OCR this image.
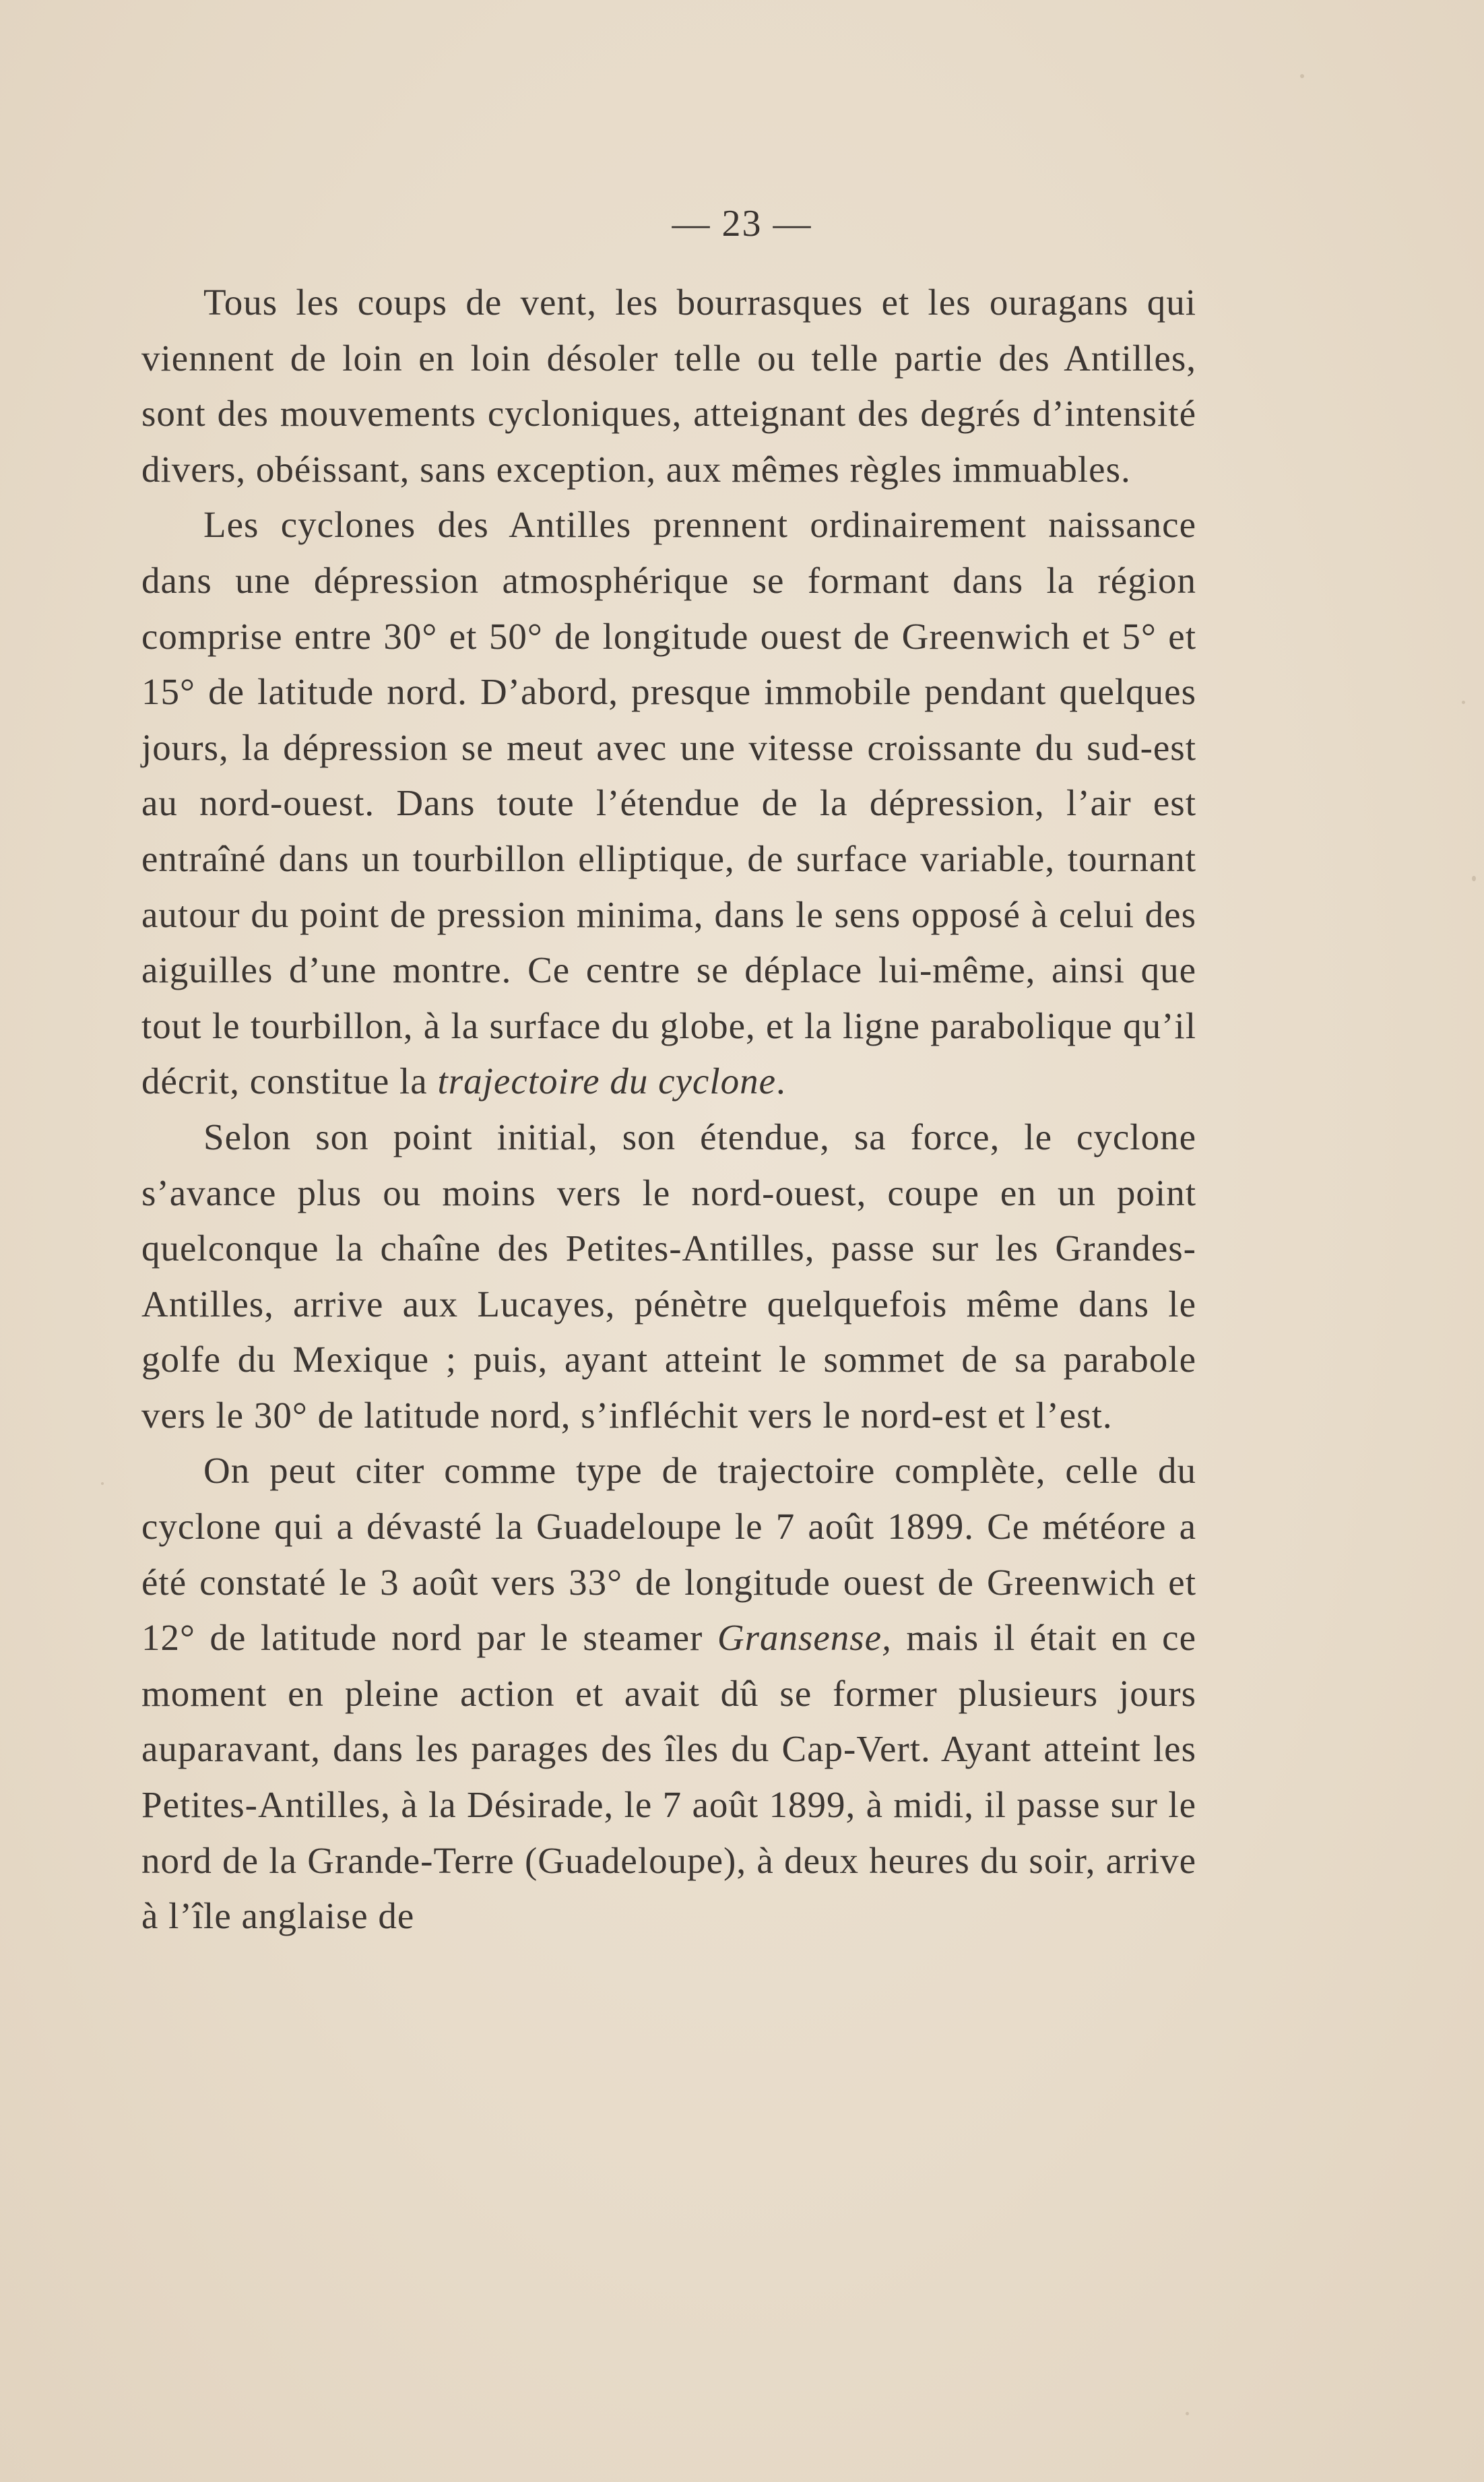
— 23 —

Tous les coups de vent, les bourrasques et les ouragans qui viennent de loin en loin désoler telle ou telle partie des Antilles, sont des mouvements cycloniques, atteignant des degrés d’intensité divers, obéissant, sans exception, aux mêmes règles immuables.

Les cyclones des Antilles prennent ordinairement naissance dans une dépression atmosphérique se formant dans la région comprise entre 30° et 50° de longitude ouest de Greenwich et 5° et 15° de latitude nord. D’abord, presque immobile pendant quelques jours, la dépression se meut avec une vitesse croissante du sud-est au nord-ouest. Dans toute l’étendue de la dépression, l’air est entraîné dans un tourbillon elliptique, de surface variable, tournant autour du point de pression minima, dans le sens opposé à celui des aiguilles d’une montre. Ce centre se déplace lui-même, ainsi que tout le tourbillon, à la surface du globe, et la ligne parabolique qu’il décrit, constitue la trajectoire du cyclone.

Selon son point initial, son étendue, sa force, le cyclone s’avance plus ou moins vers le nord-ouest, coupe en un point quelconque la chaîne des Petites-Antilles, passe sur les Grandes-Antilles, arrive aux Lucayes, pénètre quelquefois même dans le golfe du Mexique ; puis, ayant atteint le sommet de sa parabole vers le 30° de latitude nord, s’infléchit vers le nord-est et l’est.

On peut citer comme type de trajectoire complète, celle du cyclone qui a dévasté la Guadeloupe le 7 août 1899. Ce météore a été constaté le 3 août vers 33° de longitude ouest de Greenwich et 12° de latitude nord par le steamer Gransense, mais il était en ce moment en pleine action et avait dû se former plusieurs jours auparavant, dans les parages des îles du Cap-Vert. Ayant atteint les Petites-Antilles, à la Désirade, le 7 août 1899, à midi, il passe sur le nord de la Grande-Terre (Guadeloupe), à deux heures du soir, arrive à l’île anglaise de
